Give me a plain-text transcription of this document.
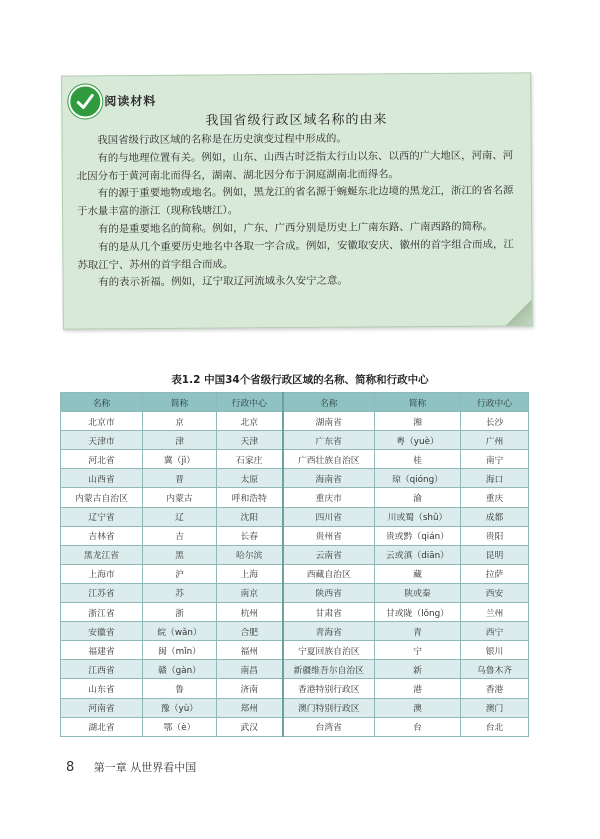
阅读材料
我国省级行政区域名称的由来

我国省级行政区域的名称是在历史演变过程中形成的。

有的与地理位置有关。例如，山东、山西古时泛指太行山以东、以西的广大地区，河南、河北因分布于黄河南北而得名，湖南、湖北因分布于洞庭湖南北而得名。

有的源于重要地物或地名。例如，黑龙江的省名源于蜿蜒东北边境的黑龙江，浙江的省名源于水量丰富的浙江（现称钱塘江）。

有的是重要地名的简称。例如，广东、广西分别是历史上广南东路、广南西路的简称。

有的是从几个重要历史地名中各取一字合成。例如，安徽取安庆、徽州的首字组合而成，江苏取江宁、苏州的首字组合而成。

有的表示祈福。例如，辽宁取辽河流域永久安宁之意。

表1.2 中国34个省级行政区域的名称、简称和行政中心
名称	简称	行政中心	名称	简称	行政中心
北京市	京	北京	湖南省	湘	长沙
天津市	津	天津	广东省	粤（yuè）	广州
河北省	冀（jì）	石家庄	广西壮族自治区	桂	南宁
山西省	晋	太原	海南省	琼（qióng）	海口
内蒙古自治区	内蒙古	呼和浩特	重庆市	渝	重庆
辽宁省	辽	沈阳	四川省	川或蜀（shǔ）	成都
吉林省	吉	长春	贵州省	贵或黔（qián）	贵阳
黑龙江省	黑	哈尔滨	云南省	云或滇（diān）	昆明
上海市	沪	上海	西藏自治区	藏	拉萨
江苏省	苏	南京	陕西省	陕或秦	西安
浙江省	浙	杭州	甘肃省	甘或陇（lǒng）	兰州
安徽省	皖（wǎn）	合肥	青海省	青	西宁
福建省	闽（mǐn）	福州	宁夏回族自治区	宁	银川
江西省	赣（gàn）	南昌	新疆维吾尔自治区	新	乌鲁木齐
山东省	鲁	济南	香港特别行政区	港	香港
河南省	豫（yù）	郑州	澳门特别行政区	澳	澳门
湖北省	鄂（è）	武汉	台湾省	台	台北
8 第一章 从世界看中国
